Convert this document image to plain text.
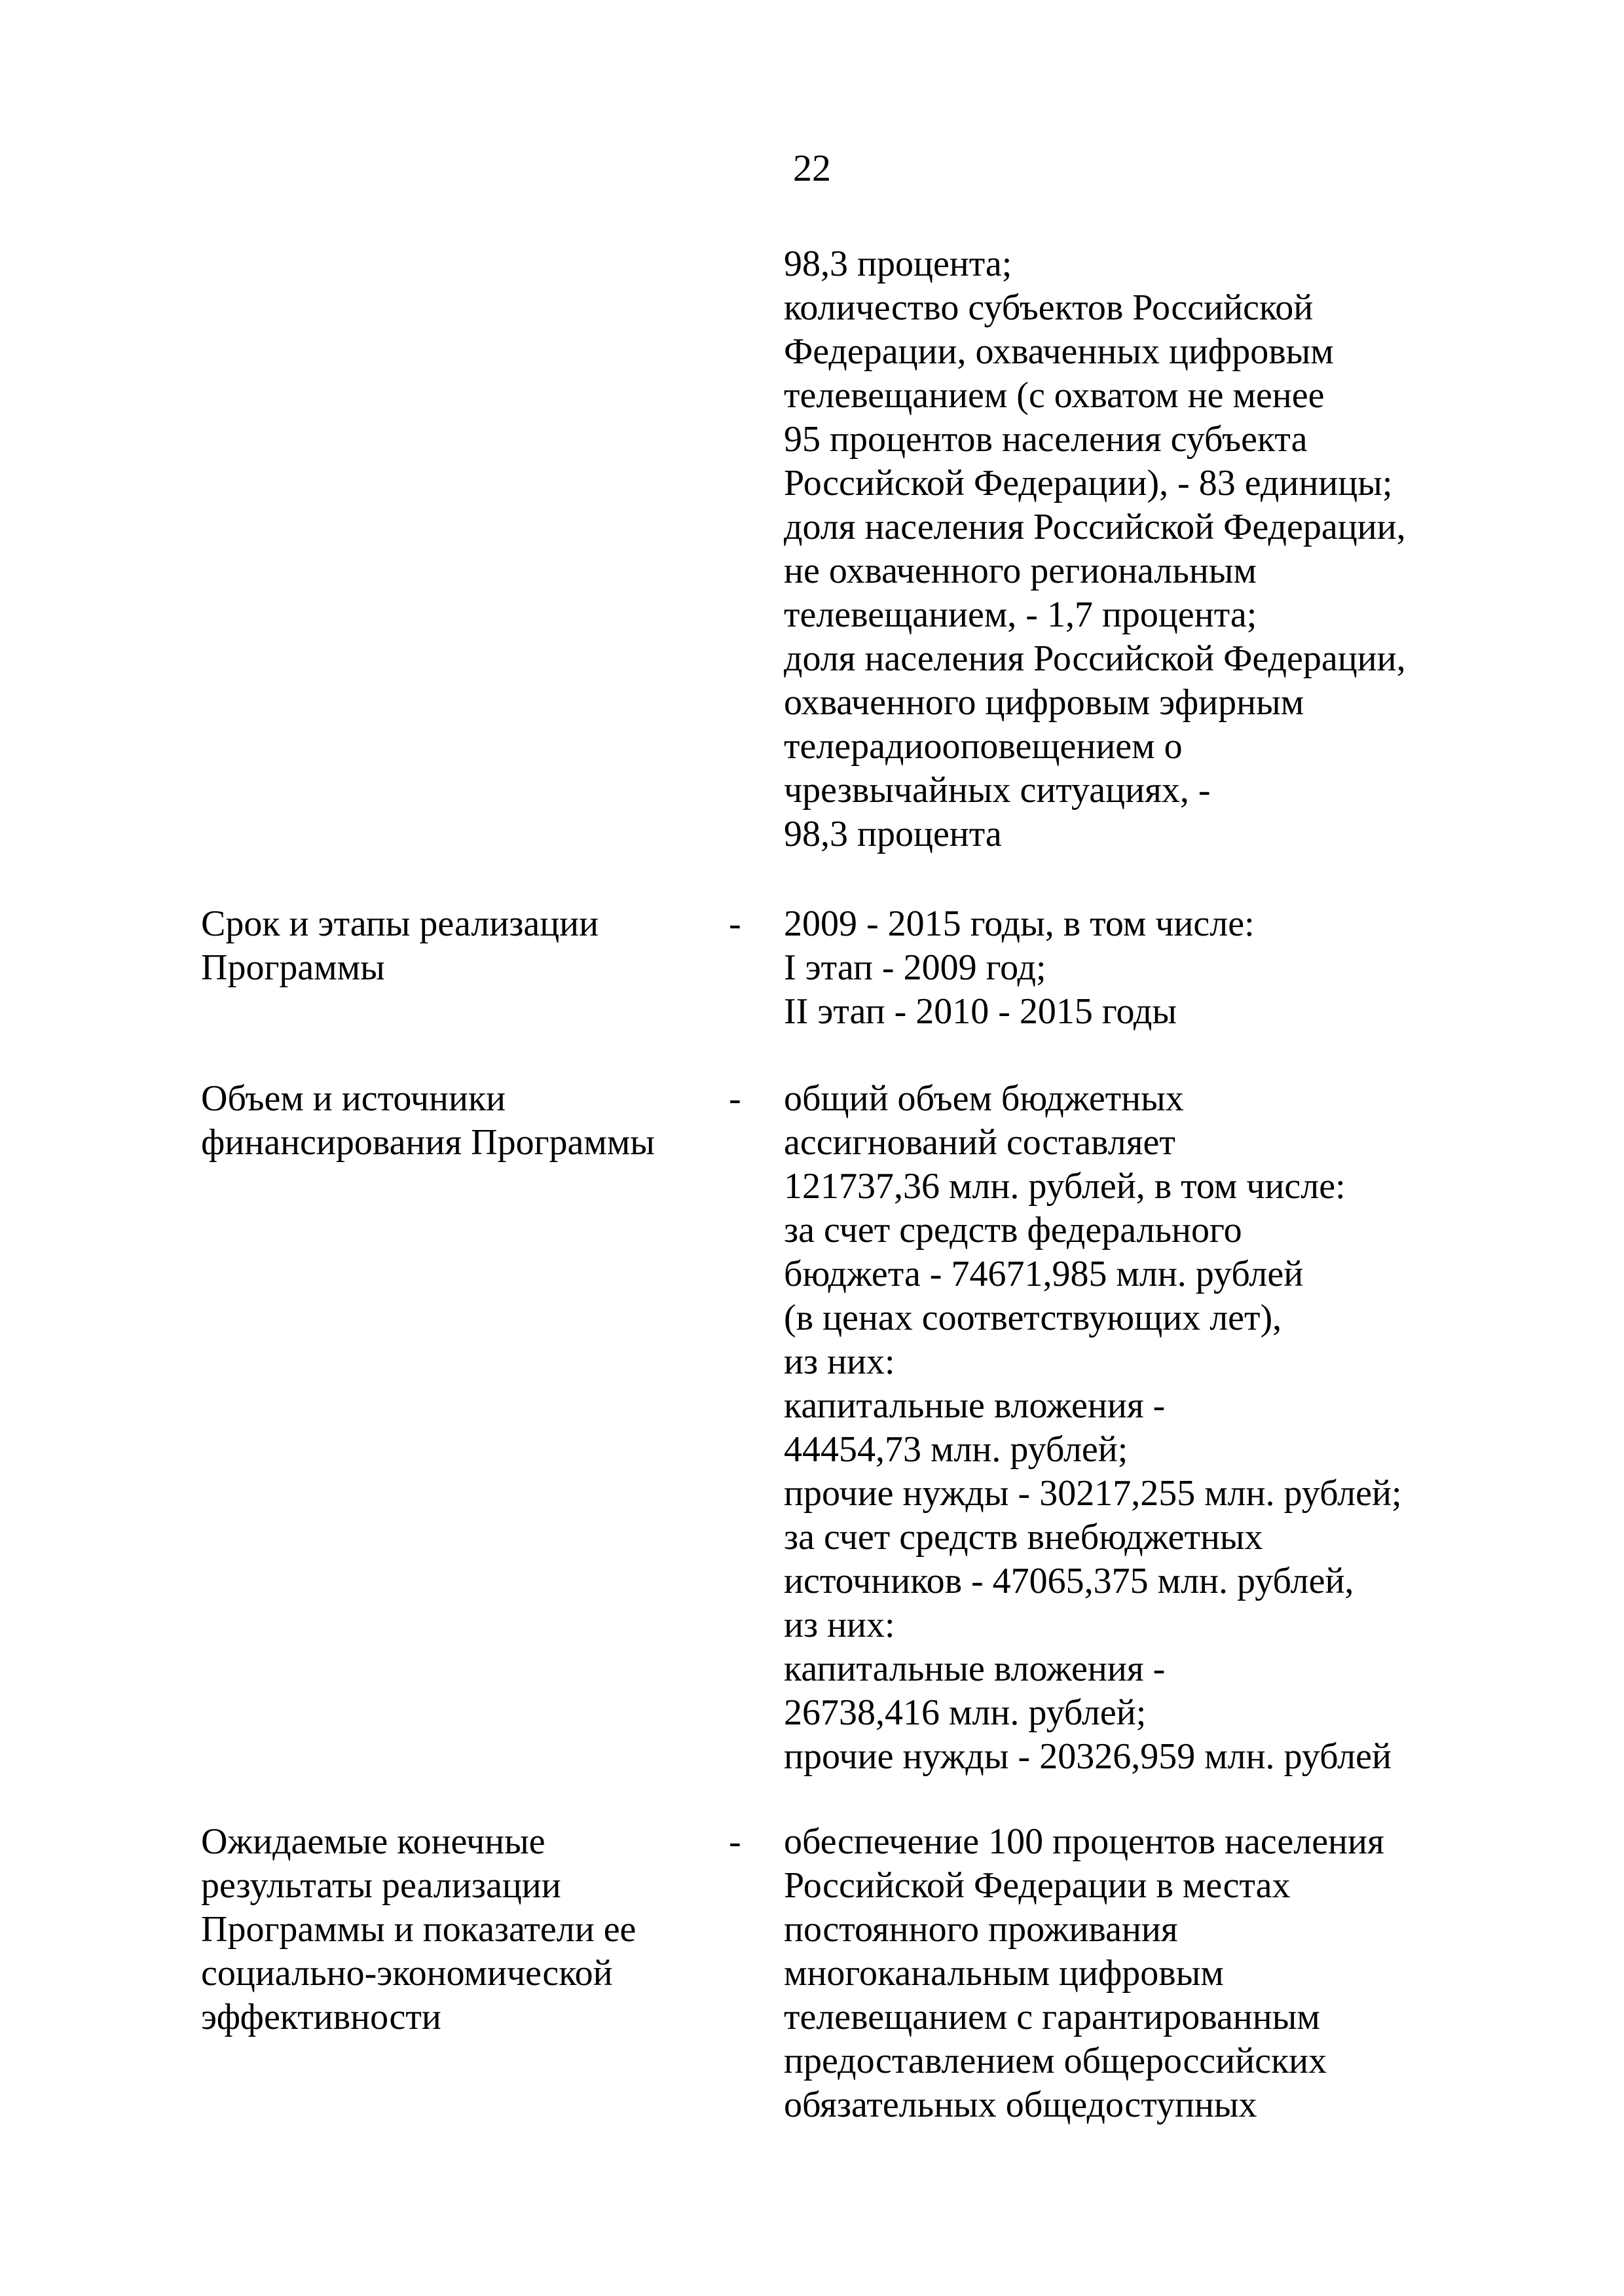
22
98,3 процента;
количество субъектов Российской
Федерации, охваченных цифровым
телевещанием (с охватом не менее
95 процентов населения субъекта
Российской Федерации), - 83 единицы;
доля населения Российской Федерации,
не охваченного региональным
телевещанием, - 1,7 процента;
доля населения Российской Федерации,
охваченного цифровым эфирным
телерадиооповещением о
чрезвычайных ситуациях, -
98,3 процента
Срок и этапы реализации
Программы
- 2009 - 2015 годы, в том числе:
I этап - 2009 год;
II этап - 2010 - 2015 годы
Объем и источники
финансирования Программы
- общий объем бюджетных
ассигнований составляет
121737,36 млн. рублей, в том числе:
за счет средств федерального
бюджета - 74671,985 млн. рублей
(в ценах соответствующих лет),
из них:
капитальные вложения -
44454,73 млн. рублей;
прочие нужды - 30217,255 млн. рублей;
за счет средств внебюджетных
источников - 47065,375 млн. рублей,
из них:
капитальные вложения -
26738,416 млн. рублей;
прочие нужды - 20326,959 млн. рублей
Ожидаемые конечные
результаты реализации
Программы и показатели ее
социально-экономической
эффективности
- обеспечение 100 процентов населения
Российской Федерации в местах
постоянного проживания
многоканальным цифровым
телевещанием с гарантированным
предоставлением общероссийских
обязательных общедоступных
